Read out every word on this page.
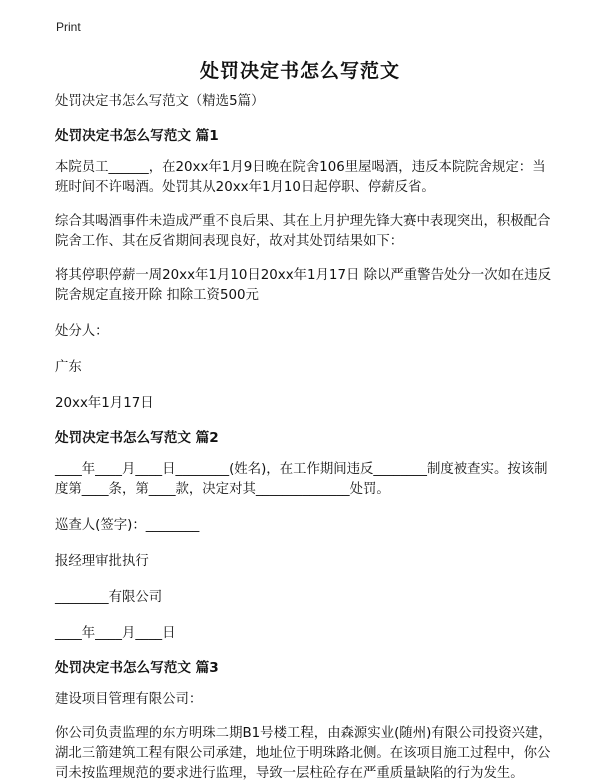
Print
处罚决定书怎么写范文

处罚决定书怎么写范文（精选5篇）

处罚决定书怎么写范文 篇1

本院员工______，在20xx年1月9日晚在院舍106里屋喝酒，违反本院院舍规定：当班时间不许喝酒。处罚其从20xx年1月10日起停职、停薪反省。

综合其喝酒事件未造成严重不良后果、其在上月护理先锋大赛中表现突出，积极配合院舍工作、其在反省期间表现良好，故对其处罚结果如下：

将其停职停薪一周20xx年1月10日20xx年1月17日 除以严重警告处分一次如在违反院舍规定直接开除 扣除工资500元

处分人：

广东

20xx年1月17日

处罚决定书怎么写范文 篇2

____年____月____日________(姓名)，在工作期间违反________制度被查实。按该制度第____条，第____款，决定对其______________处罚。

巡查人(签字)：________

报经理审批执行

________有限公司

____年____月____日

处罚决定书怎么写范文 篇3

建设项目管理有限公司：

你公司负责监理的东方明珠二期B1号楼工程，由森源实业(随州)有限公司投资兴建，湖北三箭建筑工程有限公司承建，地址位于明珠路北侧。在该项目施工过程中，你公司未按监理规范的要求进行监理，导致一层柱砼存在严重质量缺陷的行为发生。
